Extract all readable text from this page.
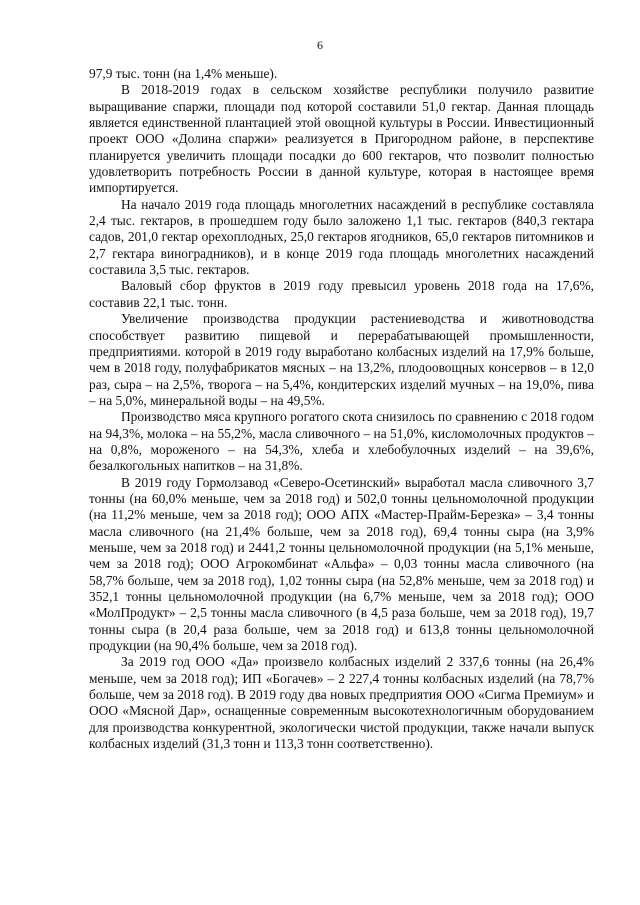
6

97,9 тыс. тонн (на 1,4% меньше).

В 2018-2019 годах в сельском хозяйстве республики получило развитие выращивание спаржи, площади под которой составили 51,0 гектар. Данная площадь является единственной плантацией этой овощной культуры в России. Инвестиционный проект ООО «Долина спаржи» реализуется в Пригородном районе, в перспективе планируется увеличить площади посадки до 600 гектаров, что позволит полностью удовлетворить потребность России в данной культуре, которая в настоящее время импортируется.

На начало 2019 года площадь многолетних насаждений в республике составляла 2,4 тыс. гектаров, в прошедшем году было заложено 1,1 тыс. гектаров (840,3 гектара садов, 201,0 гектар орехоплодных, 25,0 гектаров ягодников, 65,0 гектаров питомников и 2,7 гектара виноградников), и в конце 2019 года площадь многолетних насаждений составила 3,5 тыс. гектаров.

Валовый сбор фруктов в 2019 году превысил уровень 2018 года на 17,6%, составив 22,1 тыс. тонн.

Увеличение производства продукции растениеводства и животноводства способствует развитию пищевой и перерабатывающей промышленности, предприятиями. которой в 2019 году выработано колбасных изделий на 17,9% больше, чем в 2018 году, полуфабрикатов мясных – на 13,2%, плодоовощных консервов – в 12,0 раз, сыра – на 2,5%, творога – на 5,4%, кондитерских изделий мучных – на 19,0%, пива – на 5,0%, минеральной воды – на 49,5%.

Производство мяса крупного рогатого скота снизилось по сравнению с 2018 годом на 94,3%, молока – на 55,2%, масла сливочного – на 51,0%, кисломолочных продуктов – на 0,8%, мороженого – на 54,3%, хлеба и хлебобулочных изделий – на 39,6%, безалкогольных напитков – на 31,8%.

В 2019 году Гормолзавод «Северо-Осетинский» выработал масла сливочного 3,7 тонны (на 60,0% меньше, чем за 2018 год) и 502,0 тонны цельномолочной продукции (на 11,2% меньше, чем за 2018 год); ООО АПХ «Мастер-Прайм-Березка» – 3,4 тонны масла сливочного (на 21,4% больше, чем за 2018 год), 69,4 тонны сыра (на 3,9% меньше, чем за 2018 год) и 2441,2 тонны цельномолочной продукции (на 5,1% меньше, чем за 2018 год); ООО Агрокомбинат «Альфа» – 0,03 тонны масла сливочного (на 58,7% больше, чем за 2018 год), 1,02 тонны сыра (на 52,8% меньше, чем за 2018 год) и 352,1 тонны цельномолочной продукции (на 6,7% меньше, чем за 2018 год); ООО «МолПродукт» – 2,5 тонны масла сливочного (в 4,5 раза больше, чем за 2018 год), 19,7 тонны сыра (в 20,4 раза больше, чем за 2018 год) и 613,8 тонны цельномолочной продукции (на 90,4% больше, чем за 2018 год).

За 2019 год ООО «Да» произвело колбасных изделий 2 337,6 тонны (на 26,4% меньше, чем за 2018 год); ИП «Богачев» – 2 227,4 тонны колбасных изделий (на 78,7% больше, чем за 2018 год). В 2019 году два новых предприятия ООО «Сигма Премиум» и ООО «Мясной Дар», оснащенные современным высокотехнологичным оборудованием для производства конкурентной, экологически чистой продукции, также начали выпуск колбасных изделий (31,3 тонн и 113,3 тонн соответственно).
